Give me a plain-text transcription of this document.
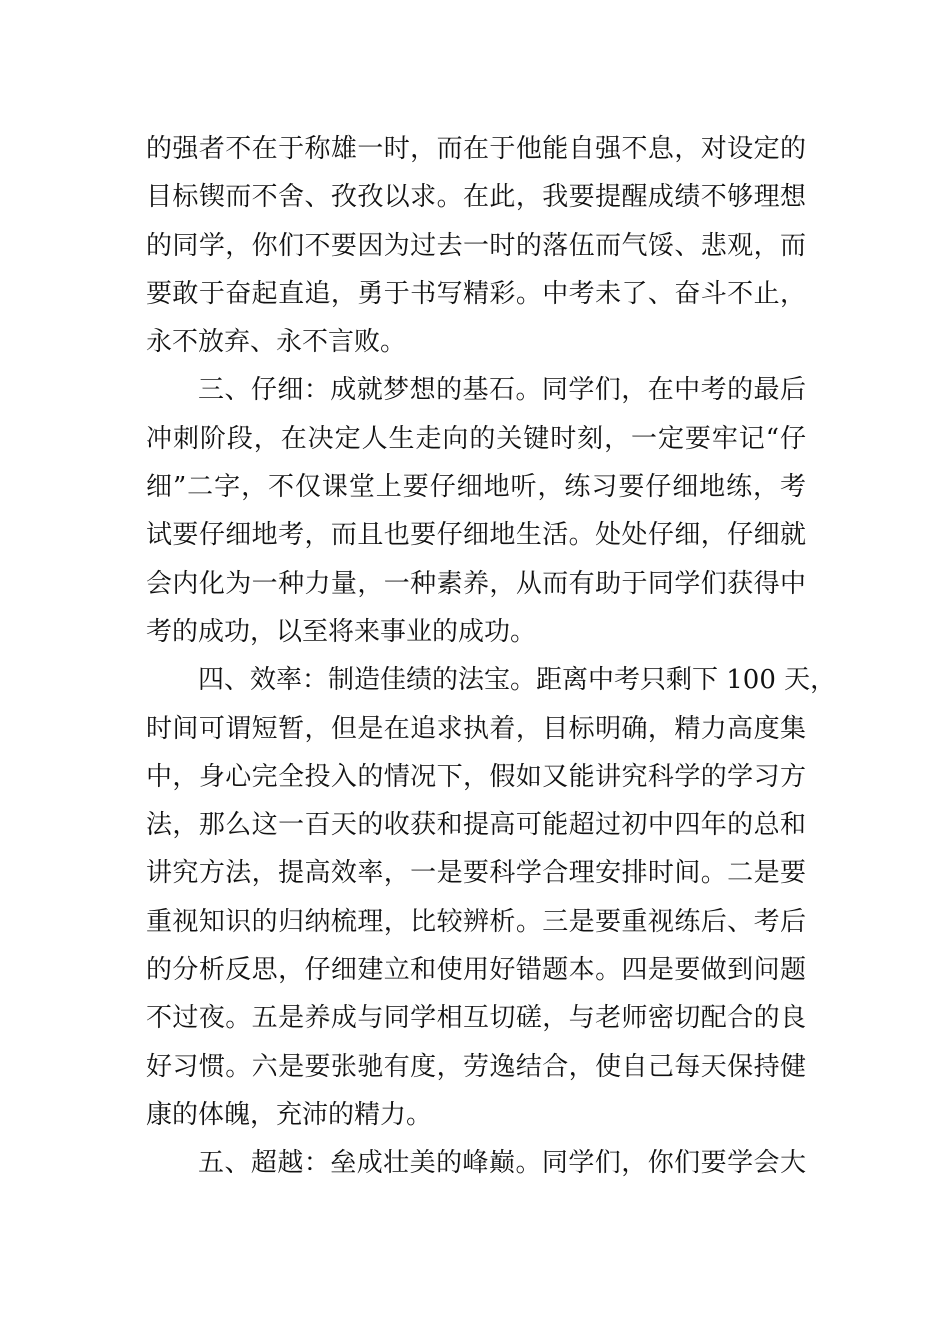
的强者不在于称雄一时，而在于他能自强不息，对设定的
目标锲而不舍、孜孜以求。在此，我要提醒成绩不够理想
的同学，你们不要因为过去一时的落伍而气馁、悲观，而
要敢于奋起直追，勇于书写精彩。中考未了、奋斗不止，
永不放弃、永不言败。
三、仔细：成就梦想的基石。同学们，在中考的最后
冲刺阶段，在决定人生走向的关键时刻，一定要牢记“仔
细”二字，不仅课堂上要仔细地听，练习要仔细地练，考
试要仔细地考，而且也要仔细地生活。处处仔细，仔细就
会内化为一种力量，一种素养，从而有助于同学们获得中
考的成功，以至将来事业的成功。
四、效率：制造佳绩的法宝。距离中考只剩下 100 天，
时间可谓短暂，但是在追求执着，目标明确，精力高度集
中，身心完全投入的情况下，假如又能讲究科学的学习方
法，那么这一百天的收获和提高可能超过初中四年的总和
讲究方法，提高效率，一是要科学合理安排时间。二是要
重视知识的归纳梳理，比较辨析。三是要重视练后、考后
的分析反思，仔细建立和使用好错题本。四是要做到问题
不过夜。五是养成与同学相互切磋，与老师密切配合的良
好习惯。六是要张驰有度，劳逸结合，使自己每天保持健
康的体魄，充沛的精力。
五、超越：垒成壮美的峰巅。同学们，你们要学会大
